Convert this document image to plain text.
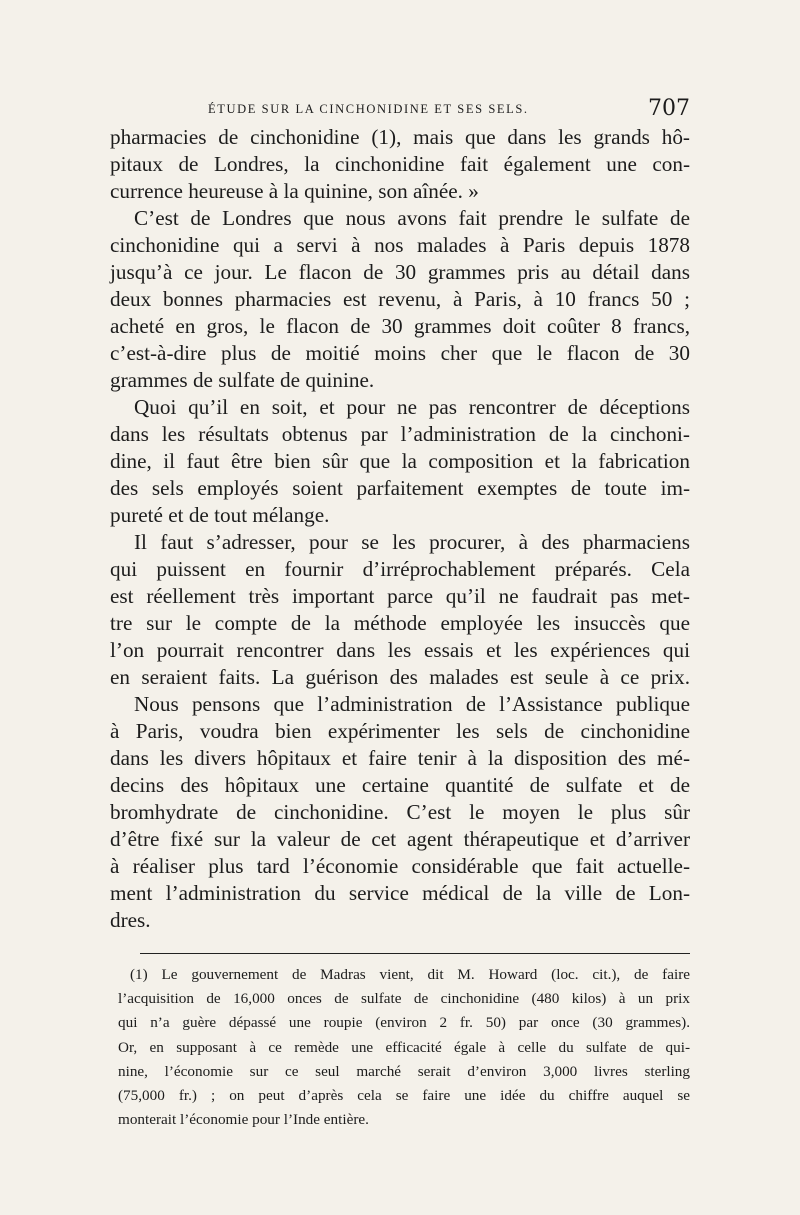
ÉTUDE SUR LA CINCHONIDINE ET SES SELS.	707
pharmacies de cinchonidine (1), mais que dans les grands hô-
pitaux de Londres, la cinchonidine fait également une con-
currence heureuse à la quinine, son aînée. »
C’est de Londres que nous avons fait prendre le sulfate de
cinchonidine qui a servi à nos malades à Paris depuis 1878
jusqu’à ce jour. Le flacon de 30 grammes pris au détail dans
deux bonnes pharmacies est revenu, à Paris, à 10 francs 50 ;
acheté en gros, le flacon de 30 grammes doit coûter 8 francs,
c’est-à-dire plus de moitié moins cher que le flacon de 30
grammes de sulfate de quinine.
Quoi qu’il en soit, et pour ne pas rencontrer de déceptions
dans les résultats obtenus par l’administration de la cinchoni-
dine, il faut être bien sûr que la composition et la fabrication
des sels employés soient parfaitement exemptes de toute im-
pureté et de tout mélange.
Il faut s’adresser, pour se les procurer, à des pharmaciens
qui puissent en fournir d’irréprochablement préparés. Cela
est réellement très important parce qu’il ne faudrait pas met-
tre sur le compte de la méthode employée les insuccès que
l’on pourrait rencontrer dans les essais et les expériences qui
en seraient faits. La guérison des malades est seule à ce prix.
Nous pensons que l’administration de l’Assistance publique
à Paris, voudra bien expérimenter les sels de cinchonidine
dans les divers hôpitaux et faire tenir à la disposition des mé-
decins des hôpitaux une certaine quantité de sulfate et de
bromhydrate de cinchonidine. C’est le moyen le plus sûr
d’être fixé sur la valeur de cet agent thérapeutique et d’arriver
à réaliser plus tard l’économie considérable que fait actuelle-
ment l’administration du service médical de la ville de Lon-
dres.
(1) Le gouvernement de Madras vient, dit M. Howard (loc. cit.), de faire
l’acquisition de 16,000 onces de sulfate de cinchonidine (480 kilos) à un prix
qui n’a guère dépassé une roupie (environ 2 fr. 50) par once (30 grammes).
Or, en supposant à ce remède une efficacité égale à celle du sulfate de qui-
nine, l’économie sur ce seul marché serait d’environ 3,000 livres sterling
(75,000 fr.) ; on peut d’après cela se faire une idée du chiffre auquel se
monterait l’économie pour l’Inde entière.
